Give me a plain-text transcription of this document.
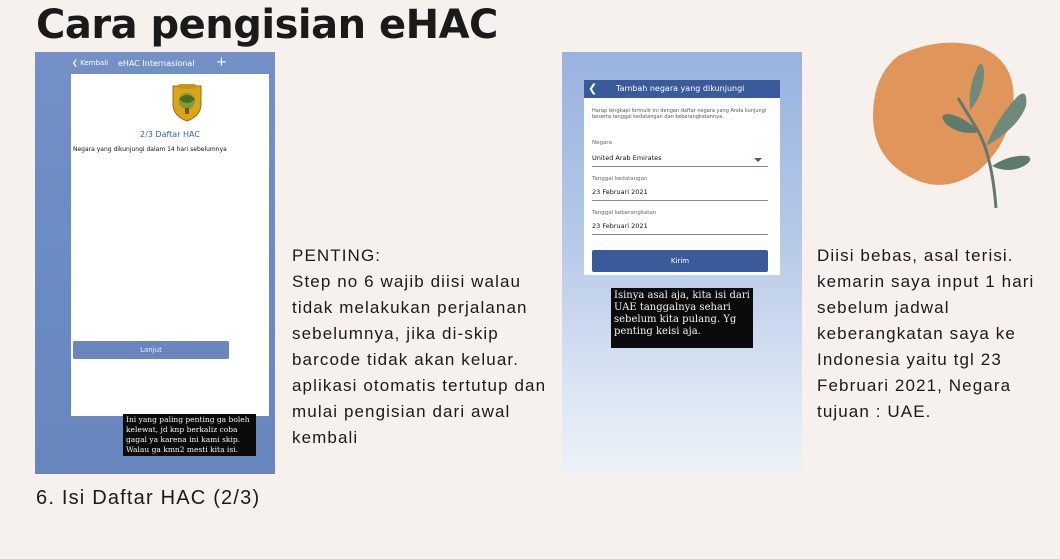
Cara pengisian eHAC
❮ Kembali eHAC Internasional +
2/3 Daftar HAC
Negara yang dikunjungi dalam 14 hari sebelumnya
Lanjut
Ini yang paling penting ga boleh kelewat, jd knp berkaliz coba gagal ya karena ini kami skip. Walau ga kmn2 mesti kita isi.
6. Isi Daftar HAC (2/3)
PENTING:
Step no 6 wajib diisi walau tidak melakukan perjalanan sebelumnya, jika di-skip barcode tidak akan keluar. aplikasi otomatis tertutup dan mulai pengisian dari awal kembali
❮ Tambah negara yang dikunjungi
Harap lengkapi formulir ini dengan daftar negara yang Anda kunjungi beserta tanggal kedatangan dan keberangkatannya.
Negara
United Arab Emirates
Tanggal kedatangan
23 Februari 2021
Tanggal keberangkatan
23 Februari 2021
Kirim
Isinya asal aja, kita isi dari UAE tanggalnya sehari sebelum kita pulang. Yg penting keisi aja.
Diisi bebas, asal terisi. kemarin saya input 1 hari sebelum jadwal keberangkatan saya ke Indonesia yaitu tgl 23 Februari 2021, Negara tujuan : UAE.
